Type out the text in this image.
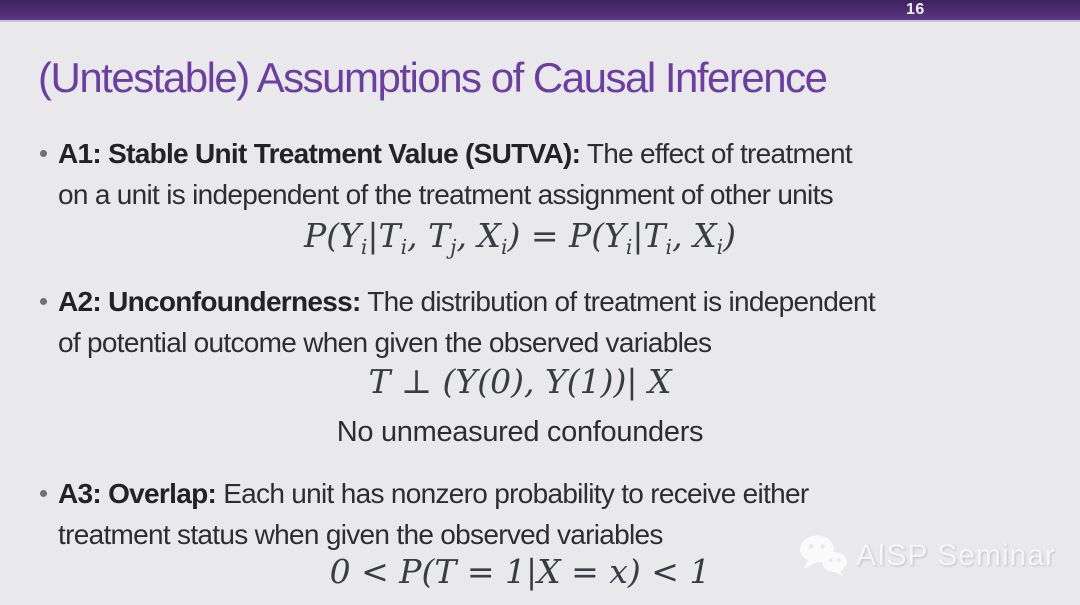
16
(Untestable) Assumptions of Causal Inference
A1: Stable Unit Treatment Value (SUTVA): The effect of treatment
on a unit is independent of the treatment assignment of other units
$P(Y_i|T_i$, $T_j$, $X_i) = P(Y_i|T_i$, $X_i$)
A2: Unconfounderness: The distribution of treatment is independent
of potential outcome when given the observed variables
T ⊥ (Y(0), Y(1))| X
No unmeasured confounders
A3: Overlap: Each unit has nonzero probability to receive either
treatment status when given the observed variables
0 < P(T = 1|X = x) < 1	AISP Seminar
